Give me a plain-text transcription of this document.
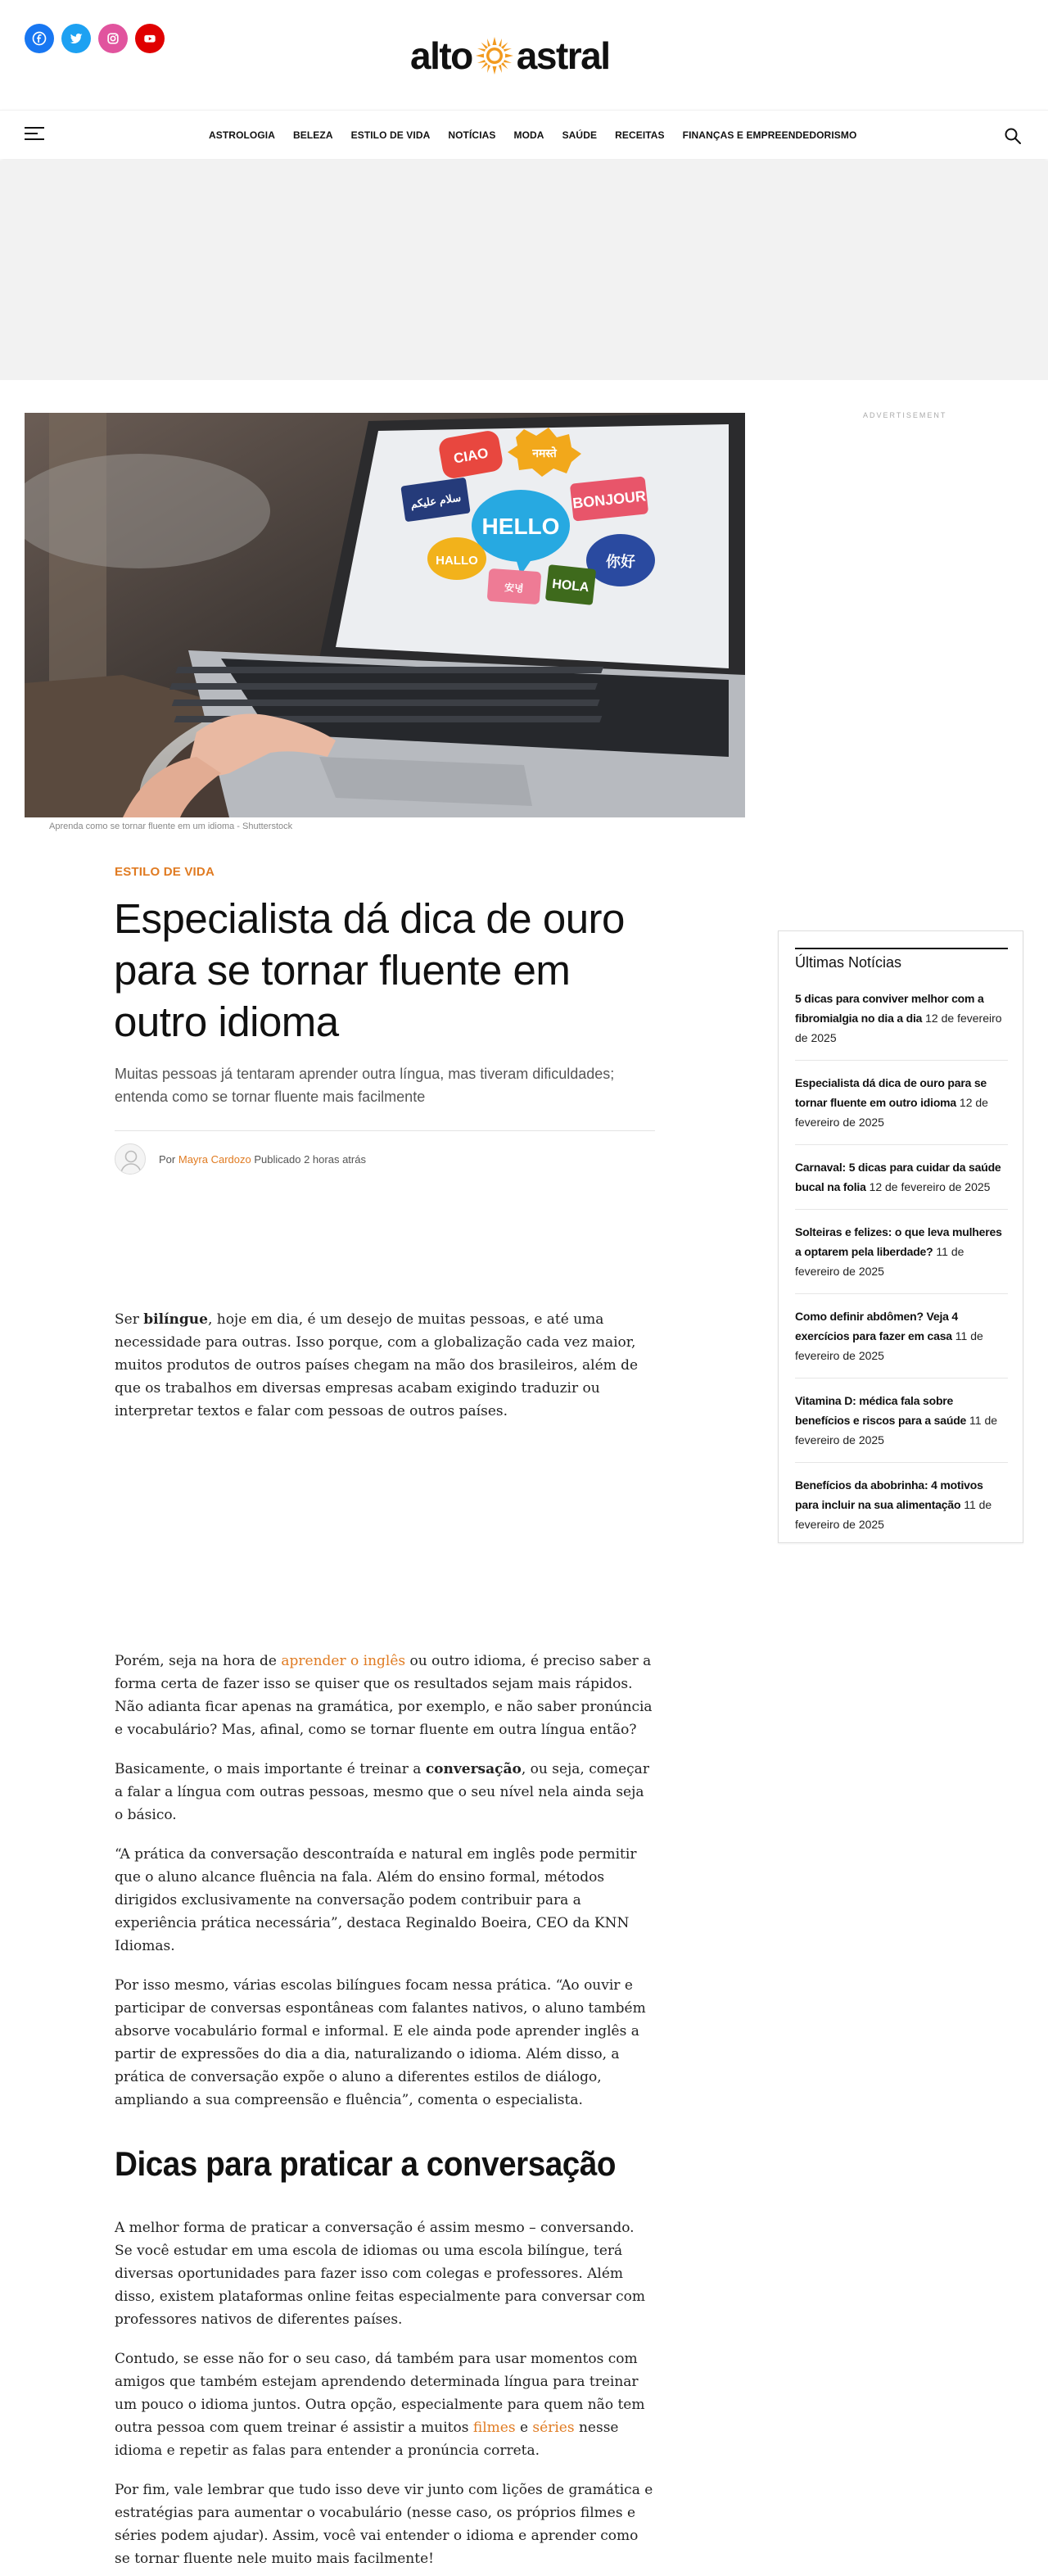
alto astral
ASTROLOGIA BELEZA ESTILO DE VIDA NOTÍCIAS MODA SAÚDE RECEITAS FINANÇAS E EMPREENDEDORISMO
CIAO	नमस्ते
BONJOUR
سلام عليكم
HELLO
HALLO	你好
HOLA
安녕
Aprenda como se tornar fluente em um idioma - Shutterstock
ADVERTISEMENT
ESTILO DE VIDA
Especialista dá dica de ouro para se tornar fluente em outro idioma
Muitas pessoas já tentaram aprender outra língua, mas tiveram dificuldades; entenda como se tornar fluente mais facilmente
Por Mayra Cardozo Publicado 2 horas atrás

Ser bilíngue, hoje em dia, é um desejo de muitas pessoas, e até uma necessidade para outras. Isso porque, com a globalização cada vez maior, muitos produtos de outros países chegam na mão dos brasileiros, além de que os trabalhos em diversas empresas acabam exigindo traduzir ou interpretar textos e falar com pessoas de outros países.

Porém, seja na hora de aprender o inglês ou outro idioma, é preciso saber a forma certa de fazer isso se quiser que os resultados sejam mais rápidos. Não adianta ficar apenas na gramática, por exemplo, e não saber pronúncia e vocabulário? Mas, afinal, como se tornar fluente em outra língua então?

Basicamente, o mais importante é treinar a conversação, ou seja, começar a falar a língua com outras pessoas, mesmo que o seu nível nela ainda seja o básico.

“A prática da conversação descontraída e natural em inglês pode permitir que o aluno alcance fluência na fala. Além do ensino formal, métodos dirigidos exclusivamente na conversação podem contribuir para a experiência prática necessária”, destaca Reginaldo Boeira, CEO da KNN Idiomas.

Por isso mesmo, várias escolas bilíngues focam nessa prática. “Ao ouvir e participar de conversas espontâneas com falantes nativos, o aluno também absorve vocabulário formal e informal. E ele ainda pode aprender inglês a partir de expressões do dia a dia, naturalizando o idioma. Além disso, a prática de conversação expõe o aluno a diferentes estilos de diálogo, ampliando a sua compreensão e fluência”, comenta o especialista.

Dicas para praticar a conversação

A melhor forma de praticar a conversação é assim mesmo – conversando. Se você estudar em uma escola de idiomas ou uma escola bilíngue, terá diversas oportunidades para fazer isso com colegas e professores. Além disso, existem plataformas online feitas especialmente para conversar com professores nativos de diferentes países.

Contudo, se esse não for o seu caso, dá também para usar momentos com amigos que também estejam aprendendo determinada língua para treinar um pouco o idioma juntos. Outra opção, especialmente para quem não tem outra pessoa com quem treinar é assistir a muitos filmes e séries nesse idioma e repetir as falas para entender a pronúncia correta.

Por fim, vale lembrar que tudo isso deve vir junto com lições de gramática e estratégias para aumentar o vocabulário (nesse caso, os próprios filmes e séries podem ajudar). Assim, você vai entender o idioma e aprender como se tornar fluente nele muito mais facilmente!

Últimas Notícias
5 dicas para conviver melhor com a fibromialgia no dia a dia 12 de fevereiro de 2025
Especialista dá dica de ouro para se tornar fluente em outro idioma 12 de fevereiro de 2025
Carnaval: 5 dicas para cuidar da saúde bucal na folia 12 de fevereiro de 2025
Solteiras e felizes: o que leva mulheres a optarem pela liberdade? 11 de fevereiro de 2025
Como definir abdômen? Veja 4 exercícios para fazer em casa 11 de fevereiro de 2025
Vitamina D: médica fala sobre benefícios e riscos para a saúde 11 de fevereiro de 2025
Benefícios da abobrinha: 4 motivos para incluir na sua alimentação 11 de fevereiro de 2025
